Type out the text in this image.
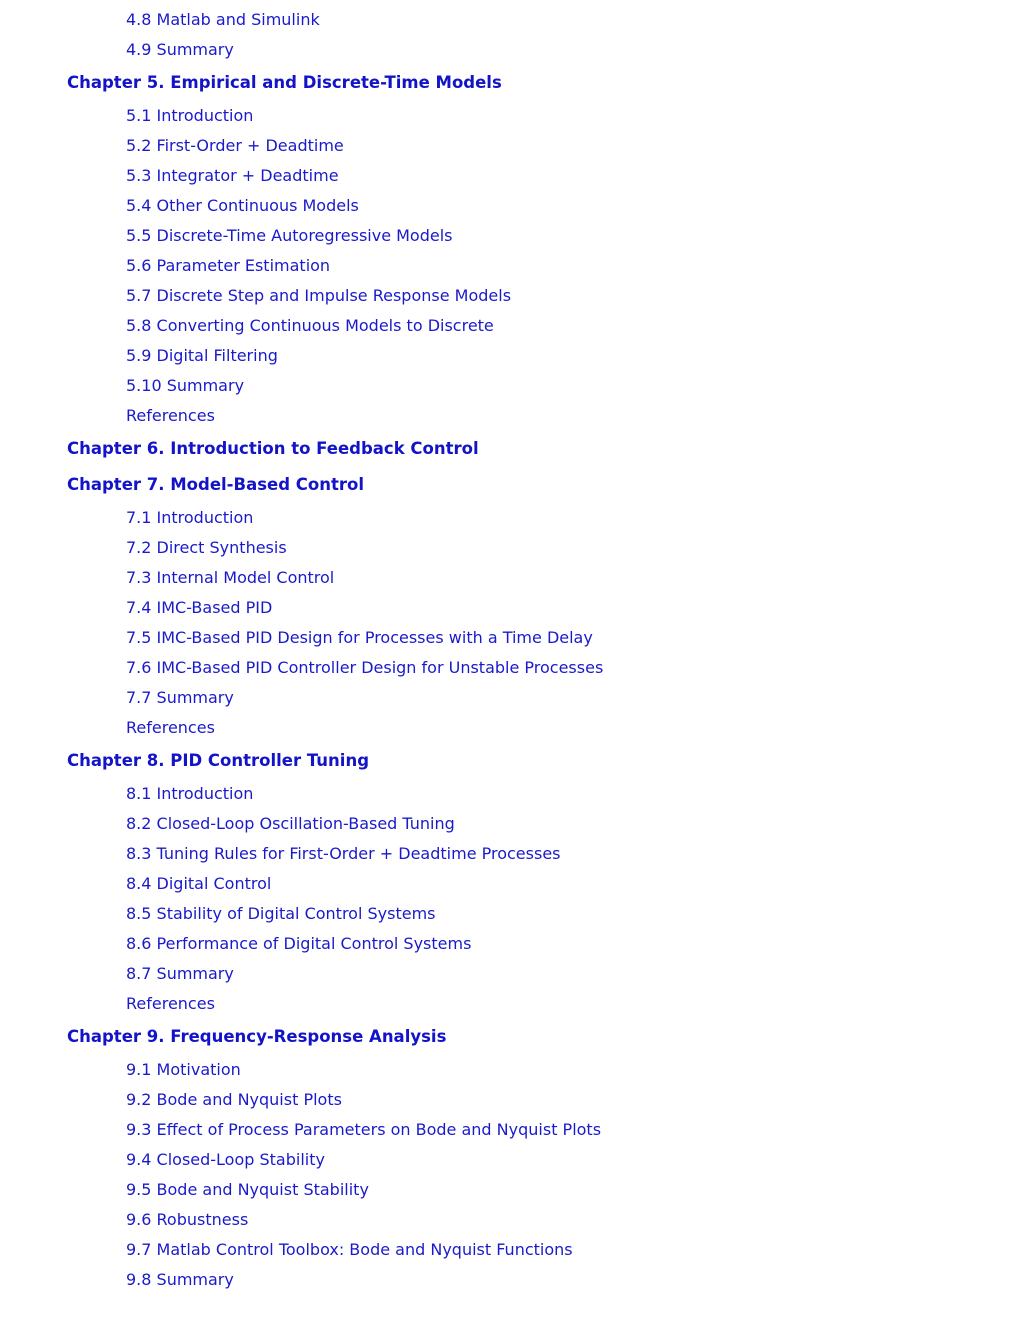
4.8 Matlab and Simulink
4.9 Summary
Chapter 5. Empirical and Discrete-Time Models
5.1 Introduction
5.2 First-Order + Deadtime
5.3 Integrator + Deadtime
5.4 Other Continuous Models
5.5 Discrete-Time Autoregressive Models
5.6 Parameter Estimation
5.7 Discrete Step and Impulse Response Models
5.8 Converting Continuous Models to Discrete
5.9 Digital Filtering
5.10 Summary
References
Chapter 6. Introduction to Feedback Control
Chapter 7. Model-Based Control
7.1 Introduction
7.2 Direct Synthesis
7.3 Internal Model Control
7.4 IMC-Based PID
7.5 IMC-Based PID Design for Processes with a Time Delay
7.6 IMC-Based PID Controller Design for Unstable Processes
7.7 Summary
References
Chapter 8. PID Controller Tuning
8.1 Introduction
8.2 Closed-Loop Oscillation-Based Tuning
8.3 Tuning Rules for First-Order + Deadtime Processes
8.4 Digital Control
8.5 Stability of Digital Control Systems
8.6 Performance of Digital Control Systems
8.7 Summary
References
Chapter 9. Frequency-Response Analysis
9.1 Motivation
9.2 Bode and Nyquist Plots
9.3 Effect of Process Parameters on Bode and Nyquist Plots
9.4 Closed-Loop Stability
9.5 Bode and Nyquist Stability
9.6 Robustness
9.7 Matlab Control Toolbox: Bode and Nyquist Functions
9.8 Summary
